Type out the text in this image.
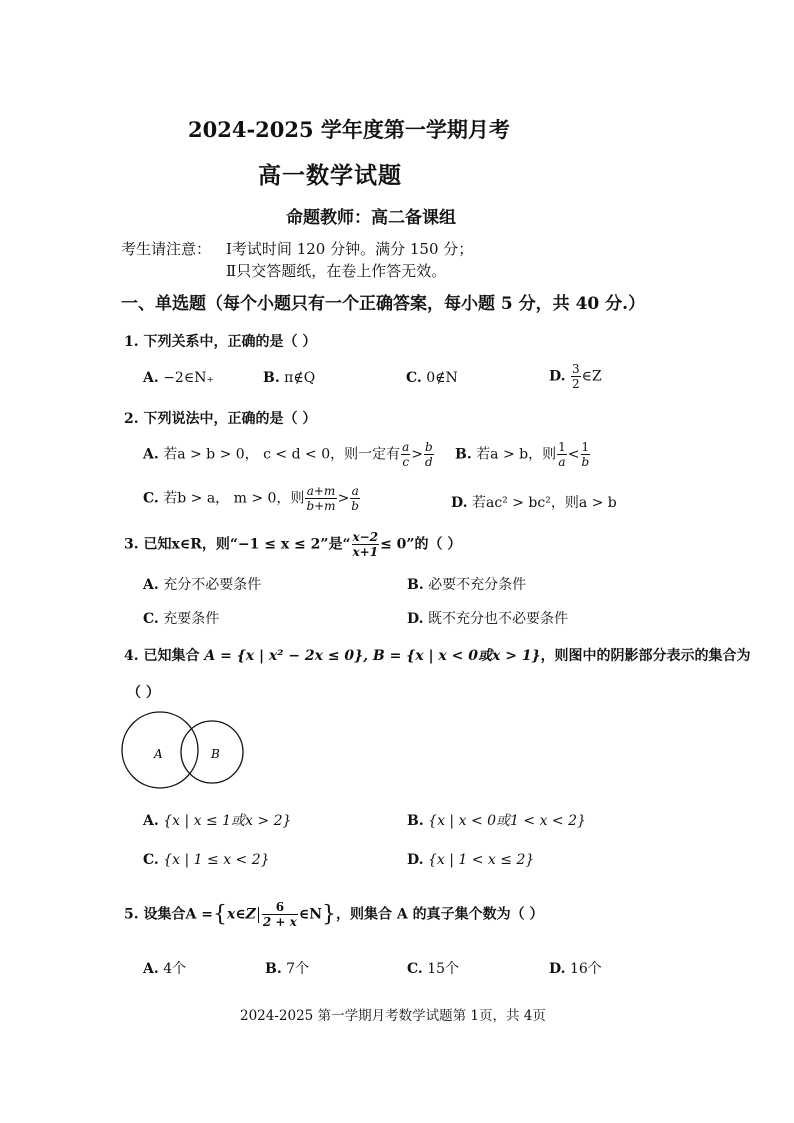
2024-2025 学年度第一学期月考
高一数学试题
命题教师：高二备课组
考生请注意： Ⅰ考试时间 120 分钟。满分 150 分；
Ⅱ只交答题纸，在卷上作答无效。
一、单选题（每个小题只有一个正确答案，每小题 5 分，共 40 分.）
1. 下列关系中，正确的是（ ）
A. −2∈N₊	B. π∉Q	C. 0∉N	D. $\frac{3}{2}$ ∈Z
2. 下列说法中，正确的是（ ）
A. 若a > b > 0， c < d < 0，则一定有 $\frac{a}{c} > \frac{b}{d} B$. 若a > b，则 $\frac{1}{a} < \frac{1}{b}$
C. 若b > a， m > 0，则 $\frac{a+m}{b+m} > \frac{a}{b}$	D. 若ac² > bc²，则a > b
3. 已知x∈R，则“−1 ≤ x ≤ 2”是“ $\frac{x-2}{x+1} \le 0$”的（ ）
A. 充分不必要条件	B. 必要不充分条件
C. 充要条件	D. 既不充分也不必要条件
4. 已知集合 A = {x | x² − 2x ≤ 0}, B = {x | x < 0或x > 1}，则图中的阴影部分表示的集合为
（ ）
A	B
A. {x | x ≤ 1或x > 2}	B. {x | x < 0或1 < x < 2}
C. {x | 1 ≤ x < 2}	D. {x | 1 < x ≤ 2}
5. 设集合A ={x∈Z $\frac{6}{2 + x}$ ∈N}，则集合 A 的真子集个数为（ ）
A. 4个	B. 7个	C. 15个	D. 16个
2024-2025 第一学期月考数学试题第 1页，共 4页
